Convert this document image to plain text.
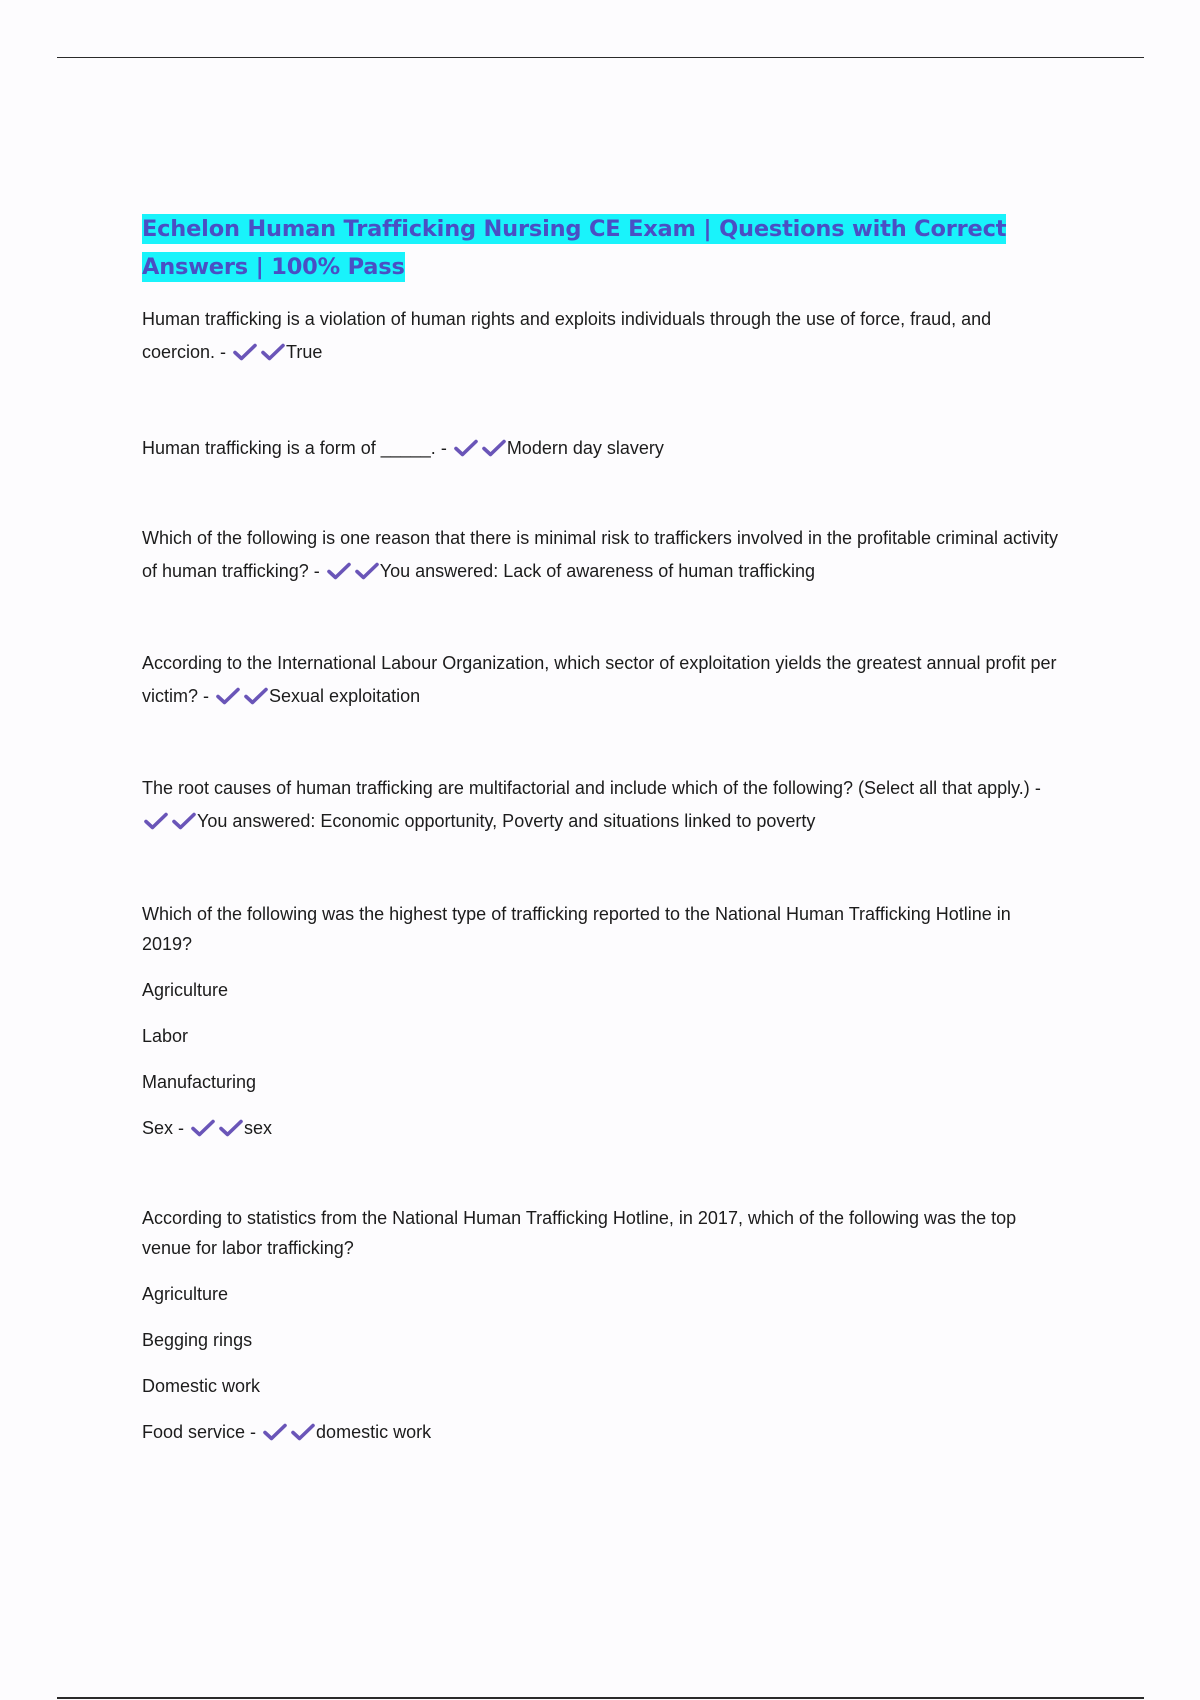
Echelon Human Trafficking Nursing CE Exam | Questions with Correct Answers | 100% Pass

Human trafficking is a violation of human rights and exploits individuals through the use of force, fraud, and coercion. -	True

Human trafficking is a form of _____. -	Modern day slavery

Which of the following is one reason that there is minimal risk to traffickers involved in the profitable criminal activity of human trafficking? -	You answered: Lack of awareness of human trafficking

According to the International Labour Organization, which sector of exploitation yields the greatest annual profit per victim? -	Sexual exploitation

The root causes of human trafficking are multifactorial and include which of the following? (Select all that apply.) -
You answered: Economic opportunity, Poverty and situations linked to poverty

Which of the following was the highest type of trafficking reported to the National Human Trafficking Hotline in 2019?

Agriculture

Labor

Manufacturing

Sex -	sex

According to statistics from the National Human Trafficking Hotline, in 2017, which of the following was the top venue for labor trafficking?

Agriculture

Begging rings

Domestic work

Food service -	domestic work
